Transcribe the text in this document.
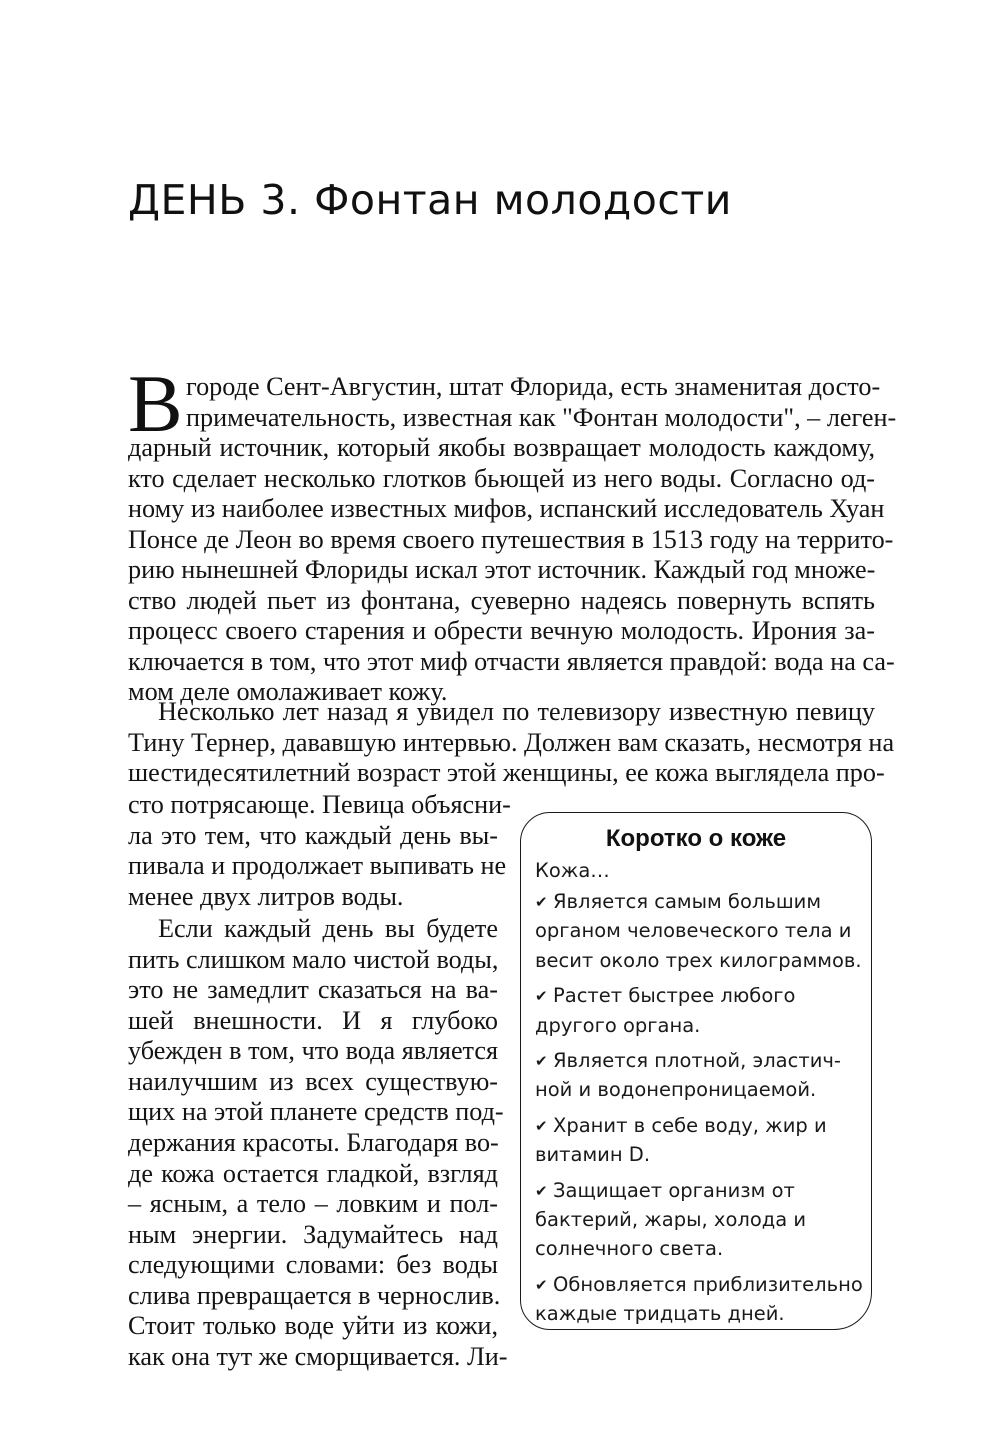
ДЕНЬ 3. Фонтан молодости
В городе Сент-Августин, штат Флорида, есть знаменитая досто-
примечательность, известная как "Фонтан молодости", – леген-
дарный источник, который якобы возвращает молодость каждому,
кто сделает несколько глотков бьющей из него воды. Согласно од-
ному из наиболее известных мифов, испанский исследователь Хуан
Понсе де Леон во время своего путешествия в 1513 году на террито-
рию нынешней Флориды искал этот источник. Каждый год множе-
ство людей пьет из фонтана, суеверно надеясь повернуть вспять
процесс своего старения и обрести вечную молодость. Ирония за-
ключается в том, что этот миф отчасти является правдой: вода на са-
мом деле омолаживает кожу.
Несколько лет назад я увидел по телевизору известную певицу
Тину Тернер, дававшую интервью. Должен вам сказать, несмотря на
шестидесятилетний возраст этой женщины, ее кожа выглядела про-
сто потрясающе. Певица объясни-
ла это тем, что каждый день вы-
пивала и продолжает выпивать не
менее двух литров воды.
Если каждый день вы будете
пить слишком мало чистой воды,
это не замедлит сказаться на ва-
шей внешности. И я глубоко
убежден в том, что вода является
наилучшим из всех существую-
щих на этой планете средств под-
держания красоты. Благодаря во-
де кожа остается гладкой, взгляд
– ясным, а тело – ловким и пол-
ным энергии. Задумайтесь над
следующими словами: без воды
слива превращается в чернослив.
Стоит только воде уйти из кожи,
как она тут же сморщивается. Ли-
Коротко о коже
Кожа…
✔ Является самым большим
органом человеческого тела и
весит около трех килограммов.
✔ Растет быстрее любого
другого органа.
✔ Является плотной, эластич-
ной и водонепроницаемой.
✔ Хранит в себе воду, жир и
витамин D.
✔ Защищает организм от
бактерий, жары, холода и
солнечного света.
✔ Обновляется приблизительно
каждые тридцать дней.
